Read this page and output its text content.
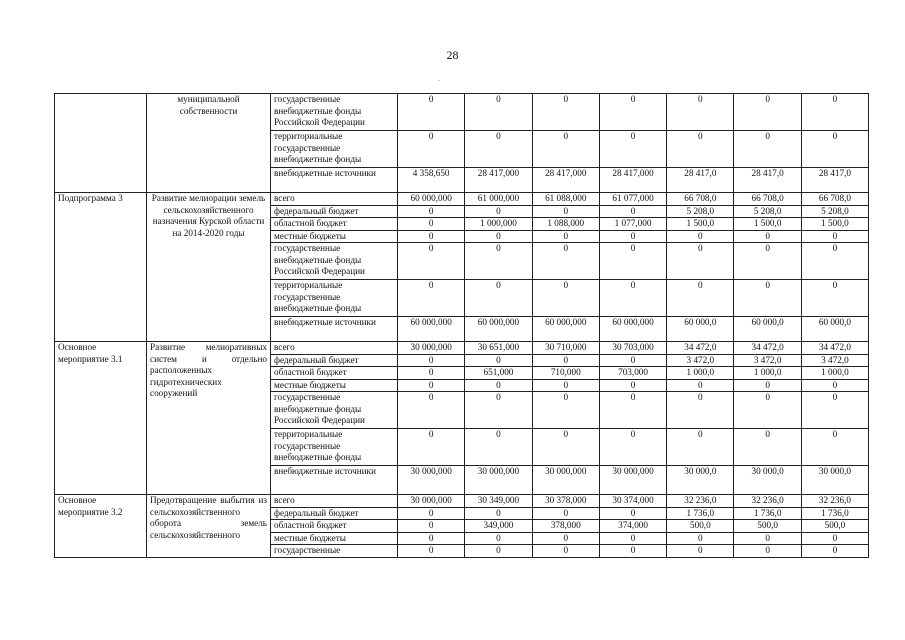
28
.
	муниципальной собственности	государственные внебюджетные фонды Российской Федерации	0	0	0	0	0	0	0
		территориальные государственные внебюджетные фонды	0	0	0	0	0	0	0
		внебюджетные источники	4 358,650	28 417,000	28 417,000	28 417,000	28 417,0	28 417,0	28 417,0
Подпрограмма 3	Развитие мелиорации земель сельскохозяйственного назначения Курской области на 2014-2020 годы	всего	60 000,000	61 000,000	61 088,000	61 077,000	66 708,0	66 708,0	66 708,0
		федеральный бюджет	0	0	0	0	5 208,0	5 208,0	5 208,0
		областной бюджет	0	1 000,000	1 088,000	1 077,000	1 500,0	1 500,0	1 500,0
		местные бюджеты	0	0	0	0	0	0	0
		государственные внебюджетные фонды Российской Федерации	0	0	0	0	0	0	0
		территориальные государственные внебюджетные фонды	0	0	0	0	0	0	0
		внебюджетные источники	60 000,000	60 000,000	60 000,000	60 000,000	60 000,0	60 000,0	60 000,0
Основное мероприятие 3.1	Развитие мелиоративных систем и отдельно расположенных гидротехнических сооружений	всего	30 000,000	30 651,000	30 710,000	30 703,000	34 472,0	34 472,0	34 472,0
		федеральный бюджет	0	0	0	0	3 472,0	3 472,0	3 472,0
		областной бюджет	0	651,000	710,000	703,000	1 000,0	1 000,0	1 000,0
		местные бюджеты	0	0	0	0	0	0	0
		государственные внебюджетные фонды Российской Федерации	0	0	0	0	0	0	0
		территориальные государственные внебюджетные фонды	0	0	0	0	0	0	0
		внебюджетные источники	30 000,000	30 000,000	30 000,000	30 000,000	30 000,0	30 000,0	30 000,0
Основное мероприятие 3.2	Предотвращение выбытия из сельскохозяйственного оборота земель сельскохозяйственного	всего	30 000,000	30 349,000	30 378,000	30 374,000	32 236,0	32 236,0	32 236,0
		федеральный бюджет	0	0	0	0	1 736,0	1 736,0	1 736,0
		областной бюджет	0	349,000	378,000	374,000	500,0	500,0	500,0
		местные бюджеты	0	0	0	0	0	0	0
		государственные	0	0	0	0	0	0	0
